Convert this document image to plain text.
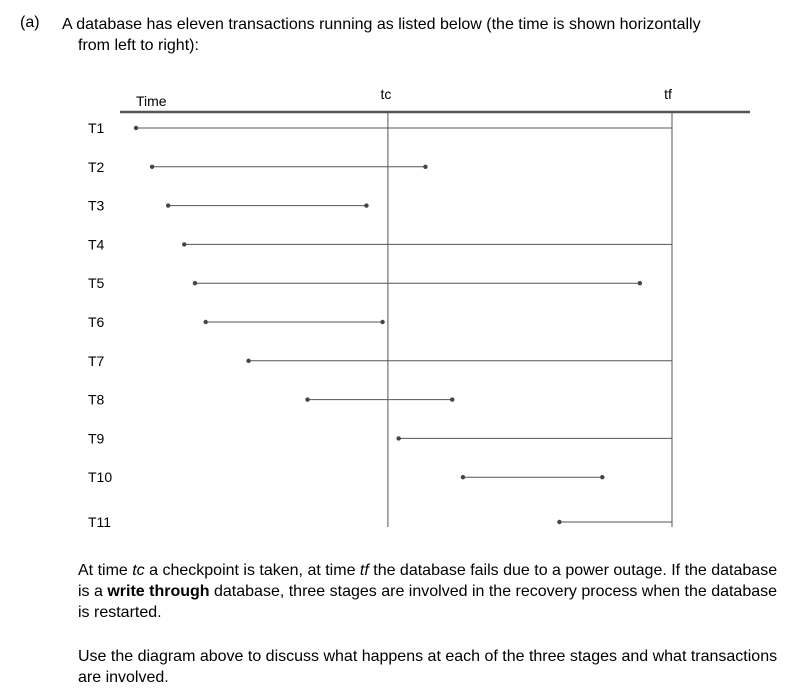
(a) A database has eleven transactions running as listed below (the time is shown horizontally
from left to right):
Time	tc	tf
T1
T2
T3
T4
T5
T6
T7
T8
T9
T10
T11
At time tc a checkpoint is taken, at time tf the database fails due to a power outage. If the database is a write through database, three stages are involved in the recovery process when the database is restarted.
Use the diagram above to discuss what happens at each of the three stages and what transactions are involved.
